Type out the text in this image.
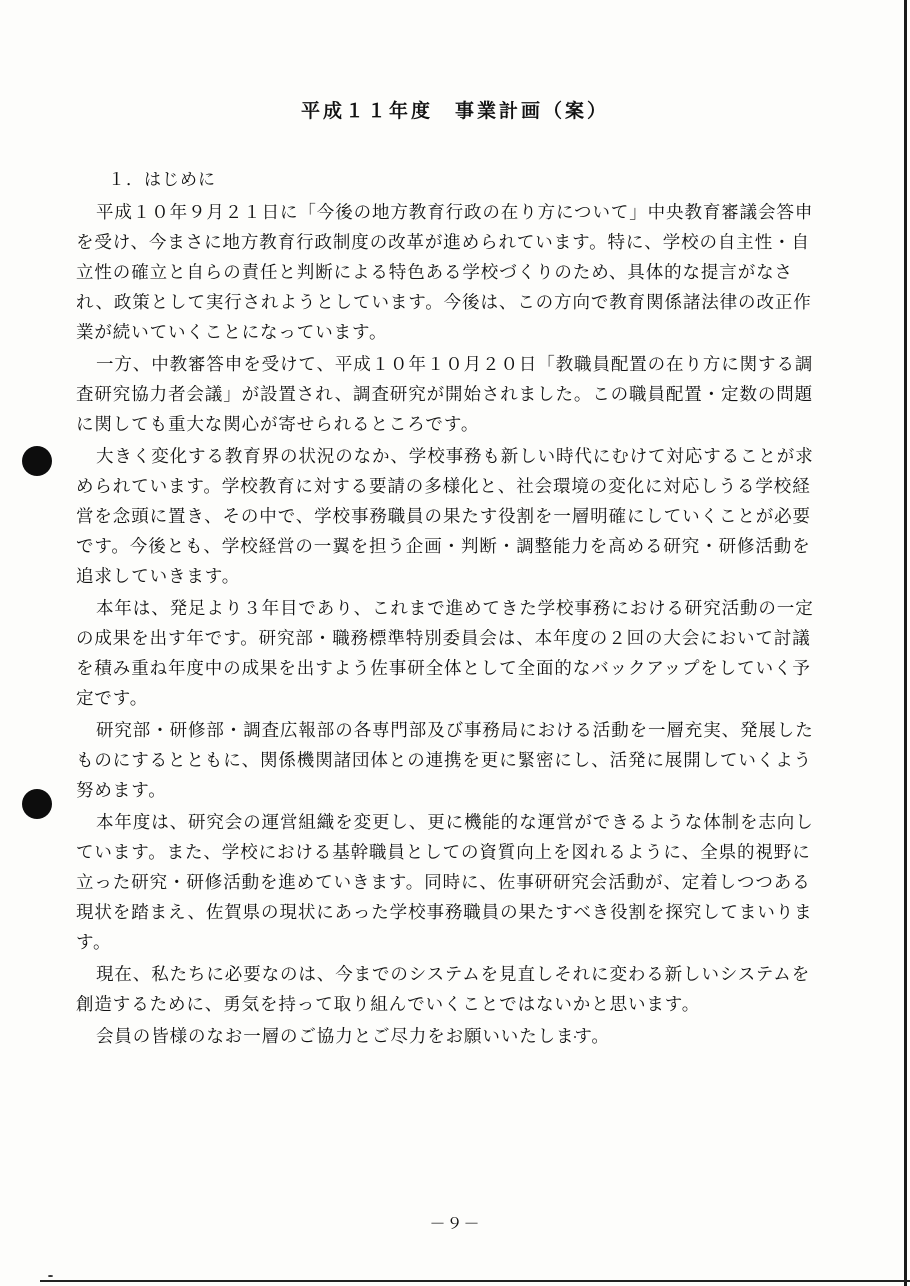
平成１１年度　事業計画（案）
１．はじめに

平成１０年９月２１日に「今後の地方教育行政の在り方について」中央教育審議会答申を受け、今まさに地方教育行政制度の改革が進められています。特に、学校の自主性・自立性の確立と自らの責任と判断による特色ある学校づくりのため、具体的な提言がなされ、政策として実行されようとしています。今後は、この方向で教育関係諸法律の改正作業が続いていくことになっています。

一方、中教審答申を受けて、平成１０年１０月２０日「教職員配置の在り方に関する調査研究協力者会議」が設置され、調査研究が開始されました。この職員配置・定数の問題に関しても重大な関心が寄せられるところです。

大きく変化する教育界の状況のなか、学校事務も新しい時代にむけて対応することが求められています。学校教育に対する要請の多様化と、社会環境の変化に対応しうる学校経営を念頭に置き、その中で、学校事務職員の果たす役割を一層明確にしていくことが必要です。今後とも、学校経営の一翼を担う企画・判断・調整能力を高める研究・研修活動を追求していきます。

本年は、発足より３年目であり、これまで進めてきた学校事務における研究活動の一定の成果を出す年です。研究部・職務標準特別委員会は、本年度の２回の大会において討議を積み重ね年度中の成果を出すよう佐事研全体として全面的なバックアップをしていく予定です。

研究部・研修部・調査広報部の各専門部及び事務局における活動を一層充実、発展したものにするとともに、関係機関諸団体との連携を更に緊密にし、活発に展開していくよう努めます。

本年度は、研究会の運営組織を変更し、更に機能的な運営ができるような体制を志向しています。また、学校における基幹職員としての資質向上を図れるように、全県的視野に立った研究・研修活動を進めていきます。同時に、佐事研研究会活動が、定着しつつある現状を踏まえ、佐賀県の現状にあった学校事務職員の果たすべき役割を探究してまいります。

現在、私たちに必要なのは、今までのシステムを見直しそれに変わる新しいシステムを創造するために、勇気を持って取り組んでいくことではないかと思います。

会員の皆様のなお一層のご協力とご尽力をお願いいたします。

－９－
